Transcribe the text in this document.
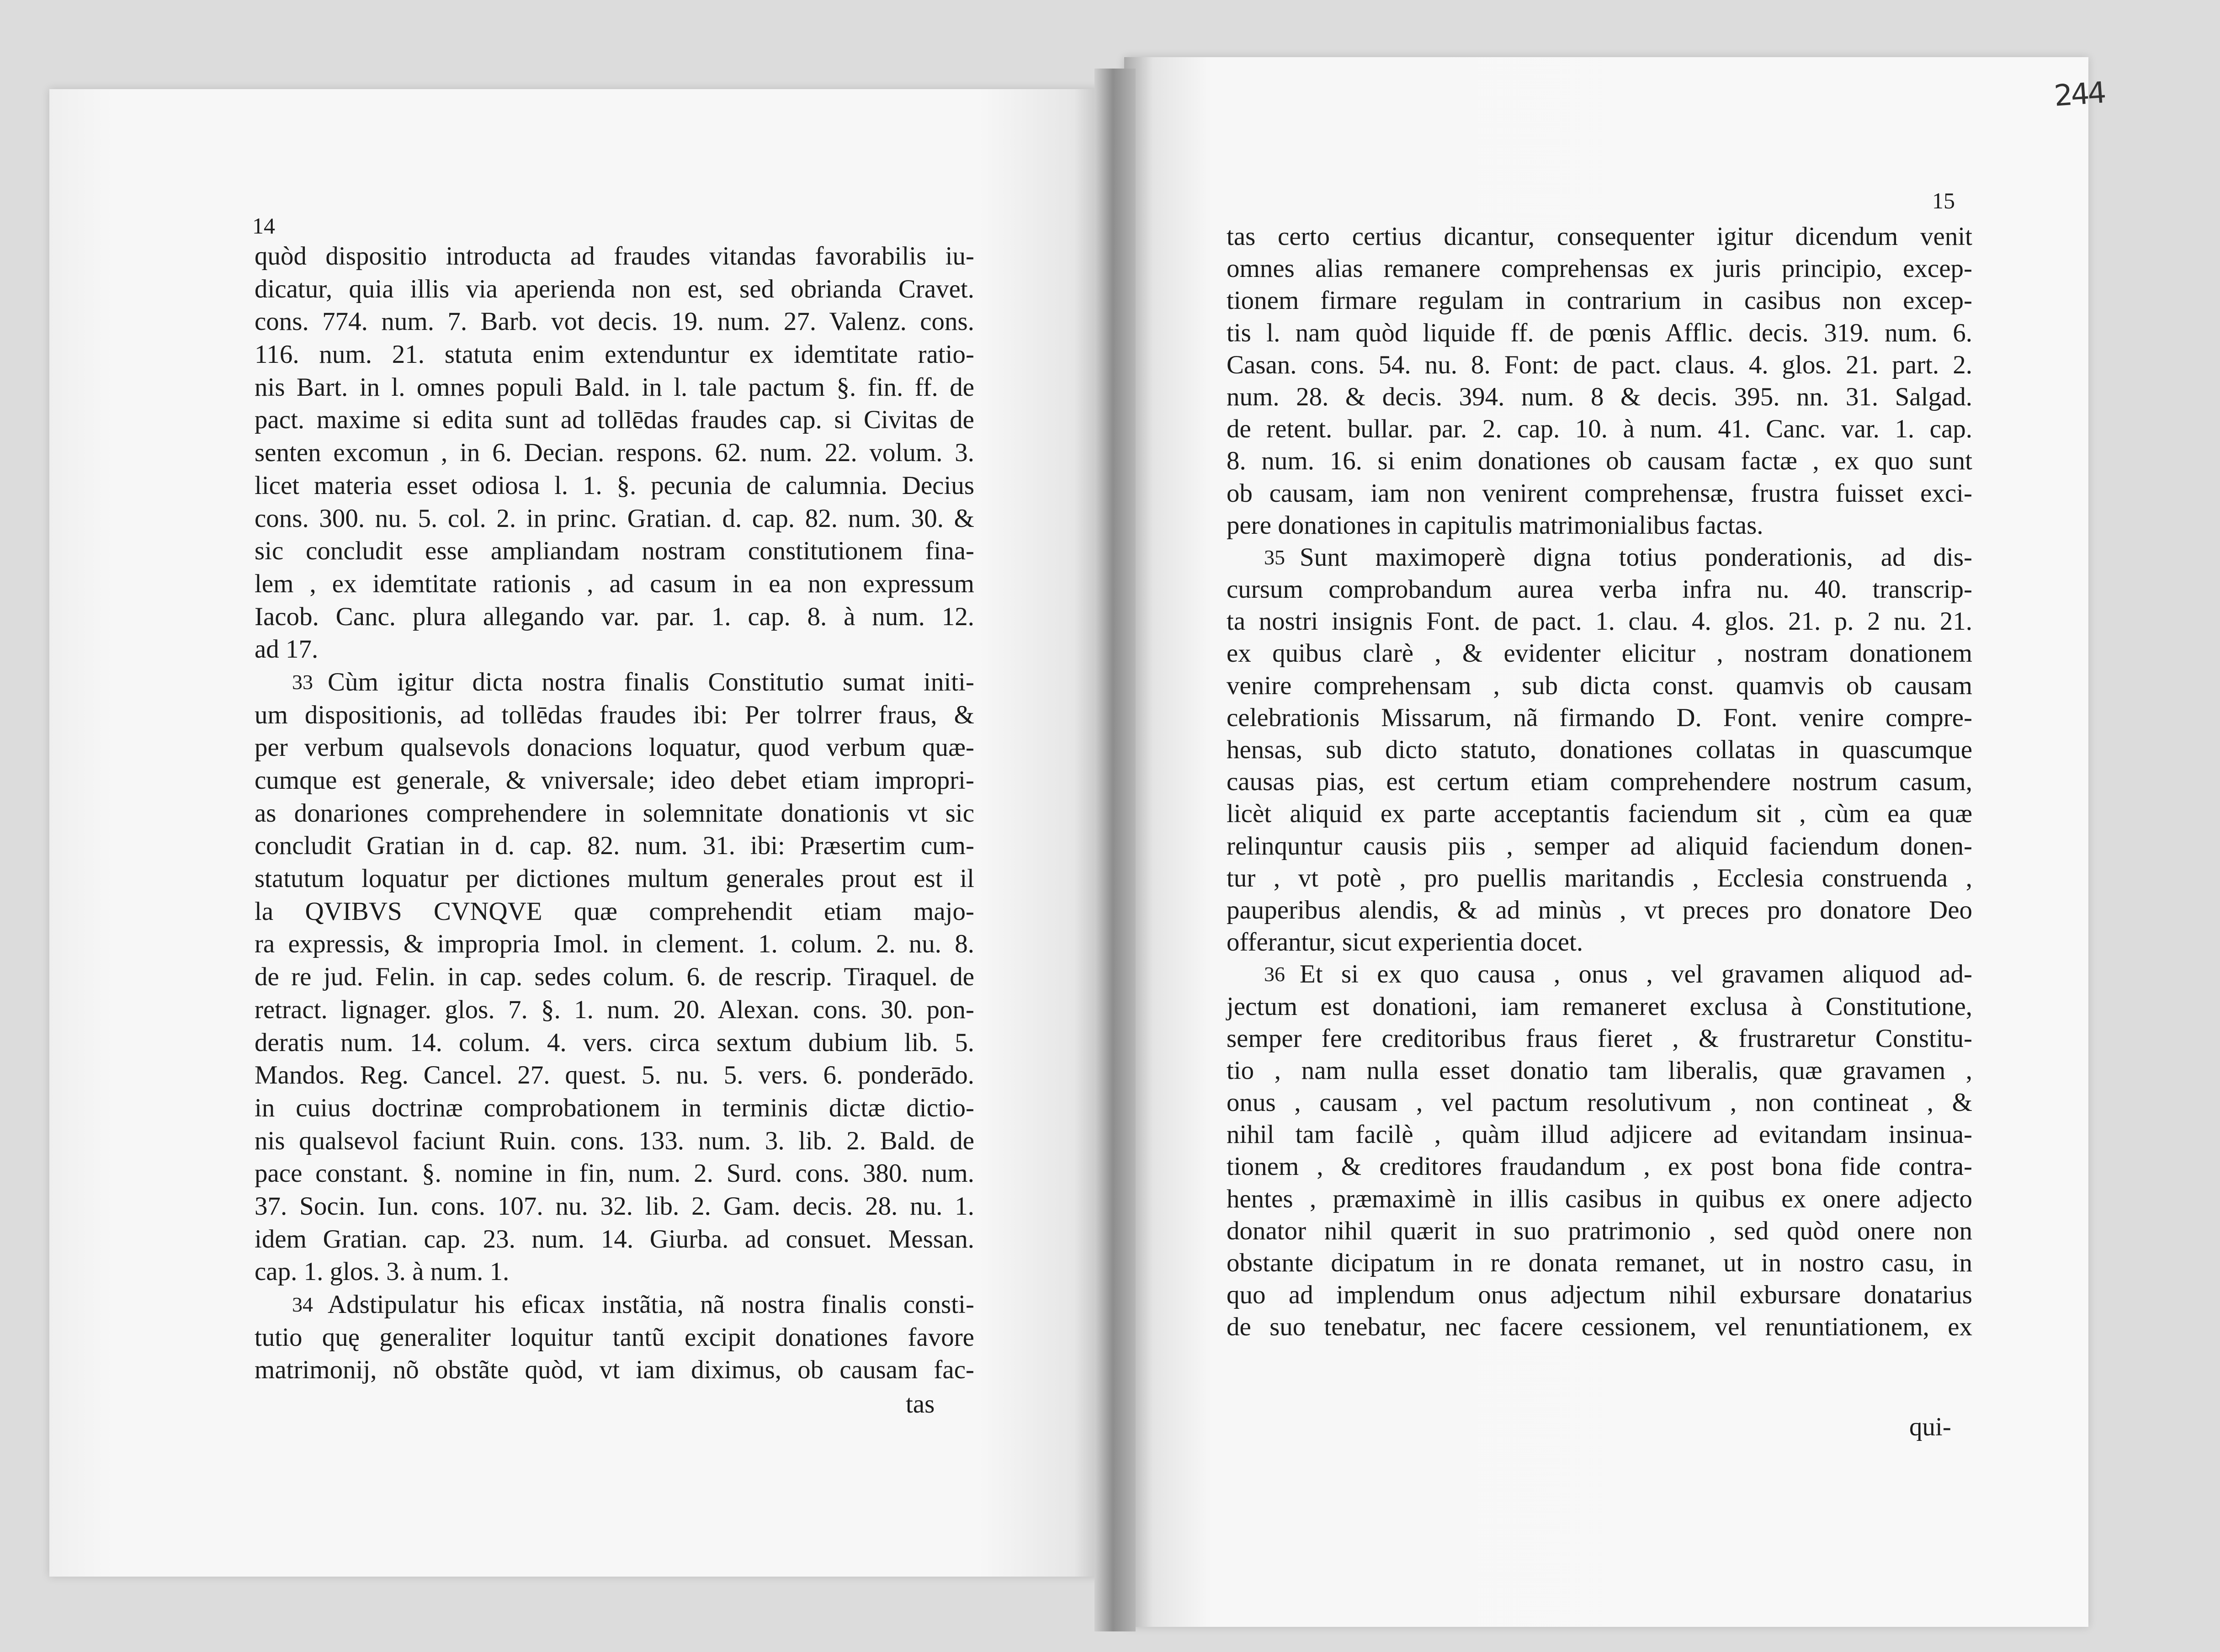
244
14
15
quòd dispositio introducta ad fraudes vitandas favorabilis iu-
dicatur, quia illis via aperienda non est, sed obrianda Cravet.
cons. 774. num. 7. Barb. vot decis. 19. num. 27. Valenz. cons.
116. num. 21. statuta enim extenduntur ex idemtitate ratio-
nis Bart. in l. omnes populi Bald. in l. tale pactum §. fin. ff. de
pact. maxime si edita sunt ad tollēdas fraudes cap. si Civitas de
senten excomun , in 6. Decian. respons. 62. num. 22. volum. 3.
licet materia esset odiosa l. 1. §. pecunia de calumnia. Decius
cons. 300. nu. 5. col. 2. in princ. Gratian. d. cap. 82. num. 30. &
sic concludit esse ampliandam nostram constitutionem fina-
lem , ex idemtitate rationis , ad casum in ea non expressum
Iacob. Canc. plura allegando var. par. 1. cap. 8. à num. 12.
ad 17.
33 Cùm igitur dicta nostra finalis Constitutio sumat initi-
um dispositionis, ad tollēdas fraudes ibi: Per tolrrer fraus, &
per verbum qualsevols donacions loquatur, quod verbum quæ-
cumque est generale, & vniversale; ideo debet etiam impropri-
as donariones comprehendere in solemnitate donationis vt sic
concludit Gratian in d. cap. 82. num. 31. ibi: Præsertim cum-
statutum loquatur per dictiones multum generales prout est il
la QVIBVS CVNQVE quæ comprehendit etiam majo-
ra expressis, & impropria Imol. in clement. 1. colum. 2. nu. 8.
de re jud. Felin. in cap. sedes colum. 6. de rescrip. Tiraquel. de
retract. lignager. glos. 7. §. 1. num. 20. Alexan. cons. 30. pon-
deratis num. 14. colum. 4. vers. circa sextum dubium lib. 5.
Mandos. Reg. Cancel. 27. quest. 5. nu. 5. vers. 6. ponderādo.
in cuius doctrinæ comprobationem in terminis dictæ dictio-
nis qualsevol faciunt Ruin. cons. 133. num. 3. lib. 2. Bald. de
pace constant. §. nomine in fin, num. 2. Surd. cons. 380. num.
37. Socin. Iun. cons. 107. nu. 32. lib. 2. Gam. decis. 28. nu. 1.
idem Gratian. cap. 23. num. 14. Giurba. ad consuet. Messan.
cap. 1. glos. 3. à num. 1.
34 Adstipulatur his eficax instãtia, nã nostra finalis consti-
tutio quę generaliter loquitur tantũ excipit donationes favore
matrimonij, nõ obstãte quòd, vt iam diximus, ob causam fac-
tas certo certius dicantur, consequenter igitur dicendum venit
omnes alias remanere comprehensas ex juris principio, excep-
tionem firmare regulam in contrarium in casibus non excep-
tis l. nam quòd liquide ff. de pœnis Afflic. decis. 319. num. 6.
Casan. cons. 54. nu. 8. Font: de pact. claus. 4. glos. 21. part. 2.
num. 28. & decis. 394. num. 8 & decis. 395. nn. 31. Salgad.
de retent. bullar. par. 2. cap. 10. à num. 41. Canc. var. 1. cap.
8. num. 16. si enim donationes ob causam factæ , ex quo sunt
ob causam, iam non venirent comprehensæ, frustra fuisset exci-
pere donationes in capitulis matrimonialibus factas.
35 Sunt maximoperè digna totius ponderationis, ad dis-
cursum comprobandum aurea verba infra nu. 40. transcrip-
ta nostri insignis Font. de pact. 1. clau. 4. glos. 21. p. 2 nu. 21.
ex quibus clarè , & evidenter elicitur , nostram donationem
venire comprehensam , sub dicta const. quamvis ob causam
celebrationis Missarum, nã firmando D. Font. venire compre-
hensas, sub dicto statuto, donationes collatas in quascumque
causas pias, est certum etiam comprehendere nostrum casum,
licèt aliquid ex parte acceptantis faciendum sit , cùm ea quæ
relinquntur causis piis , semper ad aliquid faciendum donen-
tur , vt potè , pro puellis maritandis , Ecclesia construenda ,
pauperibus alendis, & ad minùs , vt preces pro donatore Deo
offerantur, sicut experientia docet.
36 Et si ex quo causa , onus , vel gravamen aliquod ad-
jectum est donationi, iam remaneret exclusa à Constitutione,
semper fere creditoribus fraus fieret , & frustraretur Constitu-
tio , nam nulla esset donatio tam liberalis, quæ gravamen ,
onus , causam , vel pactum resolutivum , non contineat , &
nihil tam facilè , quàm illud adjicere ad evitandam insinua-
tionem , & creditores fraudandum , ex post bona fide contra-
hentes , præmaximè in illis casibus in quibus ex onere adjecto
donator nihil quærit in suo pratrimonio , sed quòd onere non
obstante dicipatum in re donata remanet, ut in nostro casu, in
quo ad implendum onus adjectum nihil exbursare donatarius
de suo tenebatur, nec facere cessionem, vel renuntiationem, ex
tas
qui-
